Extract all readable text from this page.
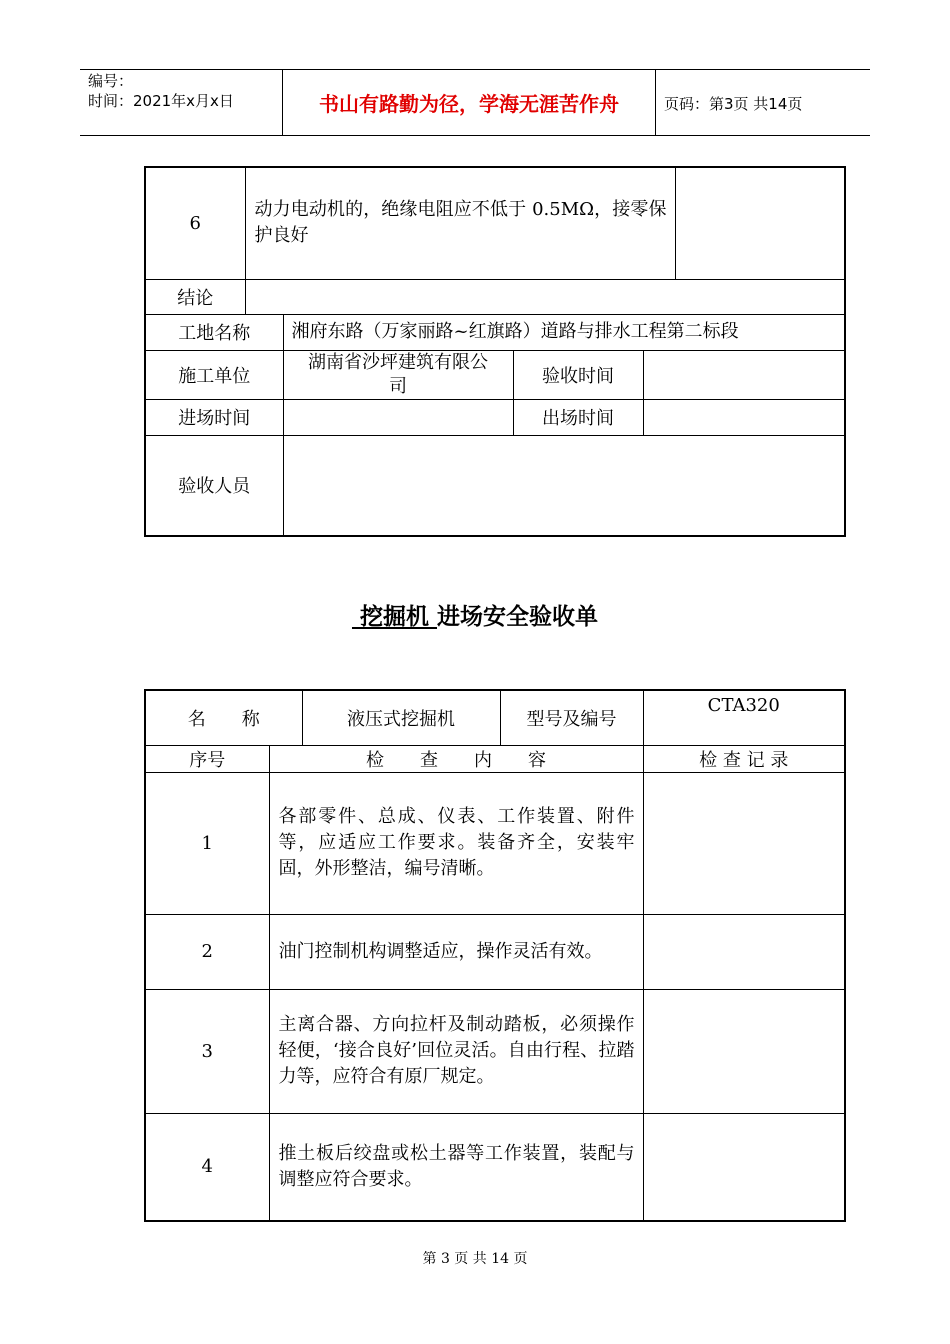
编号：
时间：2021年x月x日	书山有路勤为径，学海无涯苦作舟	页码：第3页 共14页
6	动力电动机的，绝缘电阻应不低于 0.5MΩ，接零保护良好				
结论					
工地名称		湘府东路（万家丽路~红旗路）道路与排水工程第二标段			
施工单位		湖南省沙坪建筑有限公司	验收时间		
进场时间			出场时间		
验收人员					
挖掘机 进场安全验收单
名　　称		液压式挖掘机	型号及编号	CTA320
序号	检　　查　　内　　容			检 查 记 录
1	各部零件、总成、仪表、工作装置、附件等，应适应工作要求。装备齐全，安装牢固，外形整洁，编号清晰。			
2	油门控制机构调整适应，操作灵活有效。			
3	主离合器、方向拉杆及制动踏板，必须操作轻便，‘接合良好’回位灵活。自由行程、拉踏力等，应符合有原厂规定。			
4	推土板后绞盘或松土器等工作装置，装配与调整应符合要求。			
第 3 页 共 14 页
